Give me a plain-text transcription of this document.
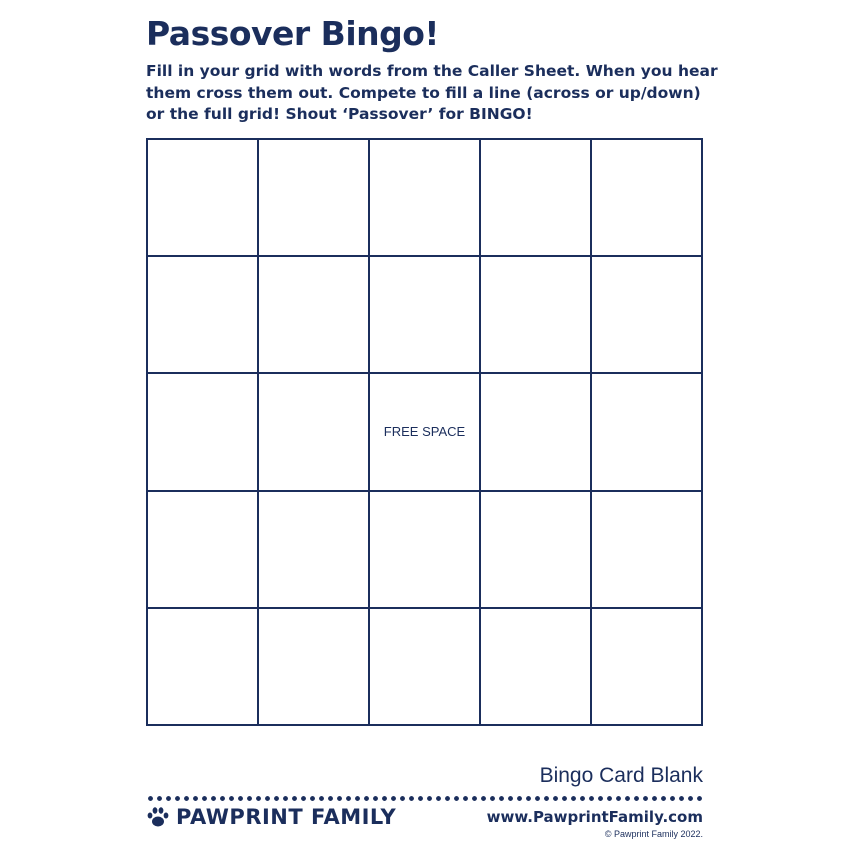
Passover Bingo!
Fill in your grid with words from the Caller Sheet. When you hear them cross them out. Compete to fill a line (across or up/down) or the full grid! Shout ‘Passover’ for BINGO!
FREE SPACE
Bingo Card Blank
PAWPRINT FAMILY	www.PawprintFamily.com
© Pawprint Family 2022.
